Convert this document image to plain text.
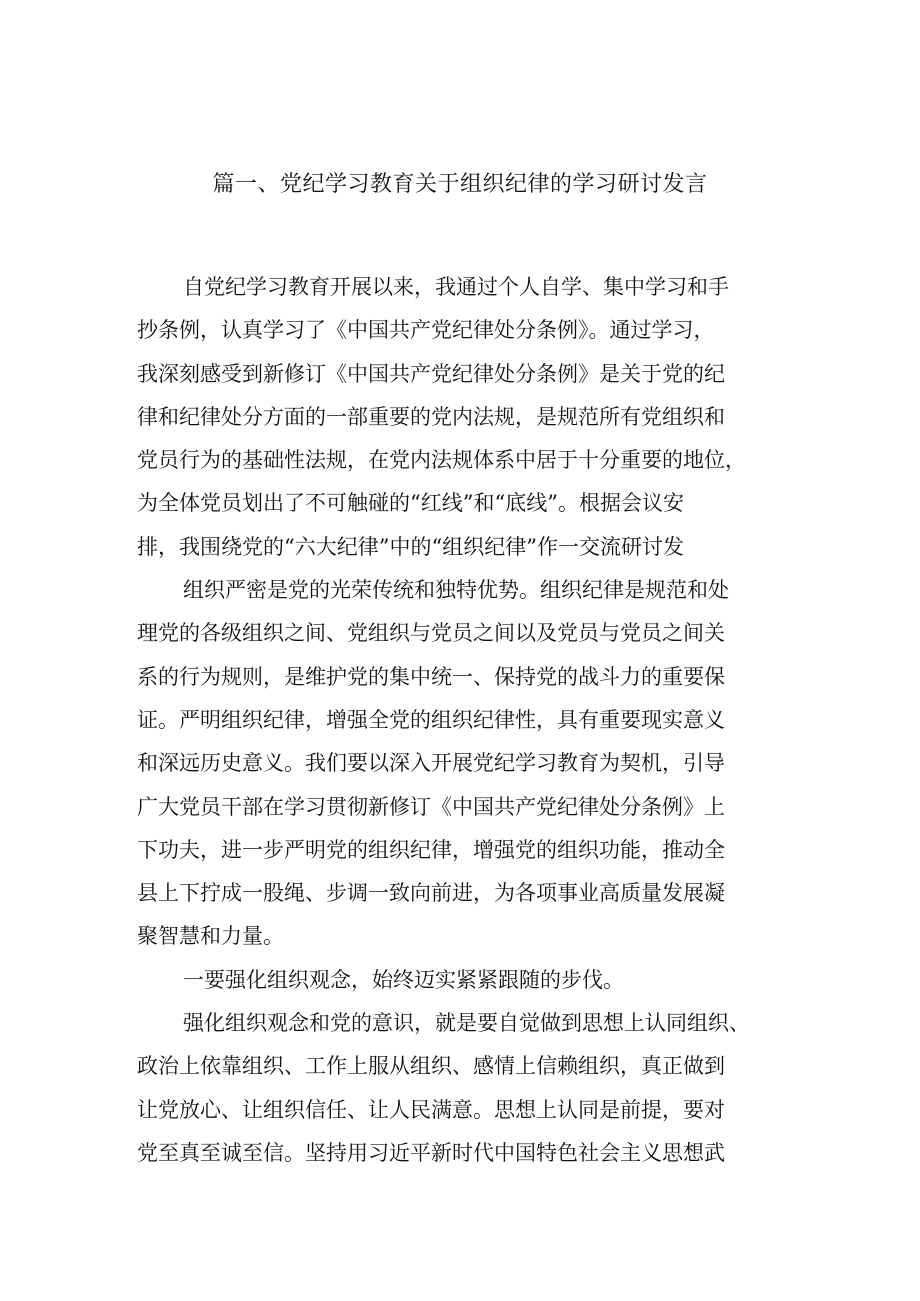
篇一、党纪学习教育关于组织纪律的学习研讨发言
自党纪学习教育开展以来，我通过个人自学、集中学习和手
抄条例，认真学习了《中国共产党纪律处分条例》。通过学习，
我深刻感受到新修订《中国共产党纪律处分条例》是关于党的纪
律和纪律处分方面的一部重要的党内法规，是规范所有党组织和
党员行为的基础性法规，在党内法规体系中居于十分重要的地位，
为全体党员划出了不可触碰的“红线”和“底线”。根据会议安
排，我围绕党的“六大纪律”中的“组织纪律”作一交流研讨发
组织严密是党的光荣传统和独特优势。组织纪律是规范和处
理党的各级组织之间、党组织与党员之间以及党员与党员之间关
系的行为规则，是维护党的集中统一、保持党的战斗力的重要保
证。严明组织纪律，增强全党的组织纪律性，具有重要现实意义
和深远历史意义。我们要以深入开展党纪学习教育为契机，引导
广大党员干部在学习贯彻新修订《中国共产党纪律处分条例》上
下功夫，进一步严明党的组织纪律，增强党的组织功能，推动全
县上下拧成一股绳、步调一致向前进，为各项事业高质量发展凝
聚智慧和力量。
一要强化组织观念，始终迈实紧紧跟随的步伐。
强化组织观念和党的意识，就是要自觉做到思想上认同组织、
政治上依靠组织、工作上服从组织、感情上信赖组织，真正做到
让党放心、让组织信任、让人民满意。思想上认同是前提，要对
党至真至诚至信。坚持用习近平新时代中国特色社会主义思想武
